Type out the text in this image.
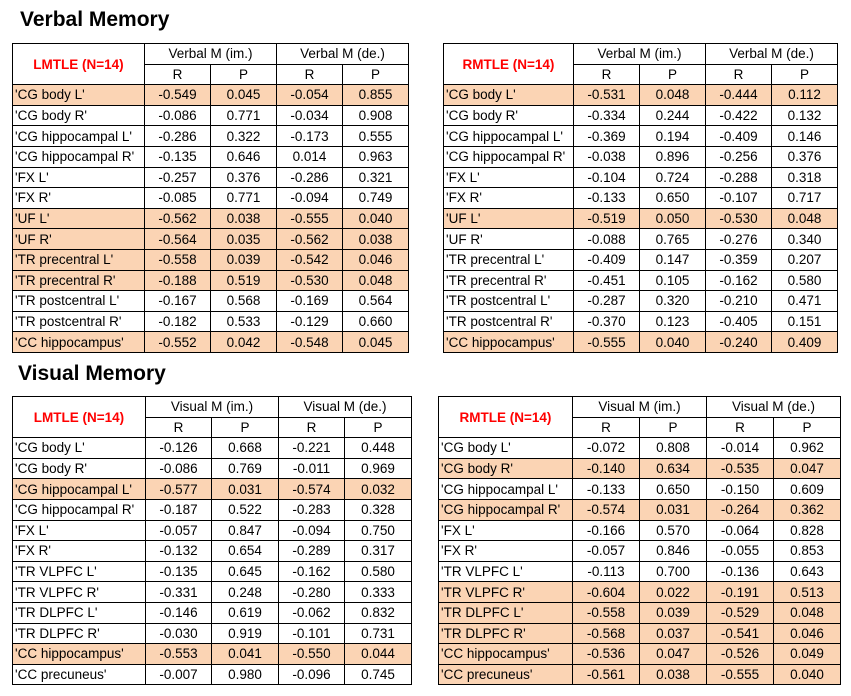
Verbal Memory
LMTLE (N=14)	Verbal M (im.)		Verbal M (de.)	
	R	P	R	P
'CG body L'	-0.549	0.045	-0.054	0.855
'CG body R'	-0.086	0.771	-0.034	0.908
'CG hippocampal L'	-0.286	0.322	-0.173	0.555
'CG hippocampal R'	-0.135	0.646	0.014	0.963
'FX L'	-0.257	0.376	-0.286	0.321
'FX R'	-0.085	0.771	-0.094	0.749
'UF L'	-0.562	0.038	-0.555	0.040
'UF R'	-0.564	0.035	-0.562	0.038
'TR precentral L'	-0.558	0.039	-0.542	0.046
'TR precentral R'	-0.188	0.519	-0.530	0.048
'TR postcentral L'	-0.167	0.568	-0.169	0.564
'TR postcentral R'	-0.182	0.533	-0.129	0.660
'CC hippocampus'	-0.552	0.042	-0.548	0.045
RMTLE (N=14)	Verbal M (im.)		Verbal M (de.)	
	R	P	R	P
'CG body L'	-0.531	0.048	-0.444	0.112
'CG body R'	-0.334	0.244	-0.422	0.132
'CG hippocampal L'	-0.369	0.194	-0.409	0.146
'CG hippocampal R'	-0.038	0.896	-0.256	0.376
'FX L'	-0.104	0.724	-0.288	0.318
'FX R'	-0.133	0.650	-0.107	0.717
'UF L'	-0.519	0.050	-0.530	0.048
'UF R'	-0.088	0.765	-0.276	0.340
'TR precentral L'	-0.409	0.147	-0.359	0.207
'TR precentral R'	-0.451	0.105	-0.162	0.580
'TR postcentral L'	-0.287	0.320	-0.210	0.471
'TR postcentral R'	-0.370	0.123	-0.405	0.151
'CC hippocampus'	-0.555	0.040	-0.240	0.409
Visual Memory
LMTLE (N=14)	Visual M (im.)		Visual M (de.)	
	R	P	R	P
'CG body L'	-0.126	0.668	-0.221	0.448
'CG body R'	-0.086	0.769	-0.011	0.969
'CG hippocampal L'	-0.577	0.031	-0.574	0.032
'CG hippocampal R'	-0.187	0.522	-0.283	0.328
'FX L'	-0.057	0.847	-0.094	0.750
'FX R'	-0.132	0.654	-0.289	0.317
'TR VLPFC L'	-0.135	0.645	-0.162	0.580
'TR VLPFC R'	-0.331	0.248	-0.280	0.333
'TR DLPFC L'	-0.146	0.619	-0.062	0.832
'TR DLPFC R'	-0.030	0.919	-0.101	0.731
'CC hippocampus'	-0.553	0.041	-0.550	0.044
'CC precuneus'	-0.007	0.980	-0.096	0.745
RMTLE (N=14)	Visual M (im.)		Visual M (de.)	
	R	P	R	P
'CG body L'	-0.072	0.808	-0.014	0.962
'CG body R'	-0.140	0.634	-0.535	0.047
'CG hippocampal L'	-0.133	0.650	-0.150	0.609
'CG hippocampal R'	-0.574	0.031	-0.264	0.362
'FX L'	-0.166	0.570	-0.064	0.828
'FX R'	-0.057	0.846	-0.055	0.853
'TR VLPFC L'	-0.113	0.700	-0.136	0.643
'TR VLPFC R'	-0.604	0.022	-0.191	0.513
'TR DLPFC L'	-0.558	0.039	-0.529	0.048
'TR DLPFC R'	-0.568	0.037	-0.541	0.046
'CC hippocampus'	-0.536	0.047	-0.526	0.049
'CC precuneus'	-0.561	0.038	-0.555	0.040
